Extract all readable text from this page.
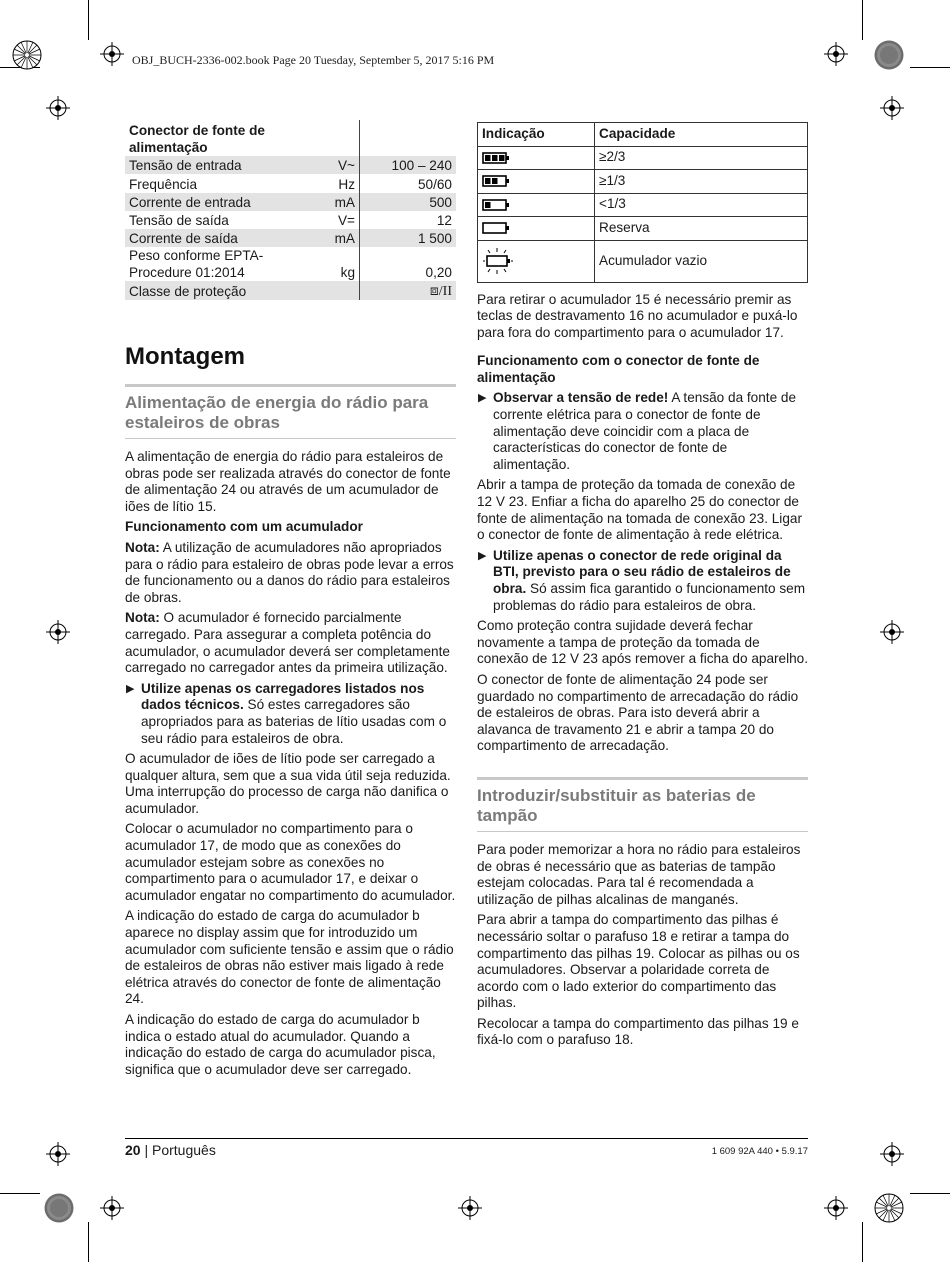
OBJ_BUCH-2336-002.book Page 20 Tuesday, September 5, 2017 5:16 PM
Conector de fonte de alimentação		
Tensão de entrada	V~	100 – 240
Frequência	Hz	50/60
Corrente de entrada	mA	500
Tensão de saída	V=	12
Corrente de saída	mA	1 500
Peso conforme EPTA-Procedure 01:2014	kg	0,20
Classe de proteção		⧈/II
Montagem
Alimentação de energia do rádio para estaleiros de obras

A alimentação de energia do rádio para estaleiros de obras pode ser realizada através do conector de fonte de alimentação 24 ou através de um acumulador de iões de lítio 15.

Funcionamento com um acumulador

Nota: A utilização de acumuladores não apropriados para o rádio para estaleiro de obras pode levar a erros de funcionamento ou a danos do rádio para estaleiros de obras.

Nota: O acumulador é fornecido parcialmente carregado. Para assegurar a completa potência do acumulador, o acumulador deverá ser completamente carregado no carregador antes da primeira utilização.

▶ Utilize apenas os carregadores listados nos dados técnicos. Só estes carregadores são apropriados para as baterias de lítio usadas com o seu rádio para estaleiros de obra.

O acumulador de iões de lítio pode ser carregado a qualquer altura, sem que a sua vida útil seja reduzida. Uma interrupção do processo de carga não danifica o acumulador.

Colocar o acumulador no compartimento para o acumulador 17, de modo que as conexões do acumulador estejam sobre as conexões no compartimento para o acumulador 17, e deixar o acumulador engatar no compartimento do acumulador.

A indicação do estado de carga do acumulador b aparece no display assim que for introduzido um acumulador com suficiente tensão e assim que o rádio de estaleiros de obras não estiver mais ligado à rede elétrica através do conector de fonte de alimentação 24.

A indicação do estado de carga do acumulador b indica o estado atual do acumulador. Quando a indicação do estado de carga do acumulador pisca, significa que o acumulador deve ser carregado.

Indicação	Capacidade
	≥2/3
	≥1/3
	<1/3
	Reserva
	Acumulador vazio

Para retirar o acumulador 15 é necessário premir as teclas de destravamento 16 no acumulador e puxá-lo para fora do compartimento para o acumulador 17.

Funcionamento com o conector de fonte de alimentação

▶ Observar a tensão de rede! A tensão da fonte de corrente elétrica para o conector de fonte de alimentação deve coincidir com a placa de características do conector de fonte de alimentação.

Abrir a tampa de proteção da tomada de conexão de 12 V 23. Enfiar a ficha do aparelho 25 do conector de fonte de alimentação na tomada de conexão 23. Ligar o conector de fonte de alimentação à rede elétrica.

▶ Utilize apenas o conector de rede original da BTI, previsto para o seu rádio de estaleiros de obra. Só assim fica garantido o funcionamento sem problemas do rádio para estaleiros de obra.

Como proteção contra sujidade deverá fechar novamente a tampa de proteção da tomada de conexão de 12 V 23 após remover a ficha do aparelho.

O conector de fonte de alimentação 24 pode ser guardado no compartimento de arrecadação do rádio de estaleiros de obras. Para isto deverá abrir a alavanca de travamento 21 e abrir a tampa 20 do compartimento de arrecadação.

Introduzir/substituir as baterias de tampão

Para poder memorizar a hora no rádio para estaleiros de obras é necessário que as baterias de tampão estejam colocadas. Para tal é recomendada a utilização de pilhas alcalinas de manganés.

Para abrir a tampa do compartimento das pilhas é necessário soltar o parafuso 18 e retirar a tampa do compartimento das pilhas 19. Colocar as pilhas ou os acumuladores. Observar a polaridade correta de acordo com o lado exterior do compartimento das pilhas.

Recolocar a tampa do compartimento das pilhas 19 e fixá-lo com o parafuso 18.

20 | Português	1 609 92A 440 • 5.9.17
